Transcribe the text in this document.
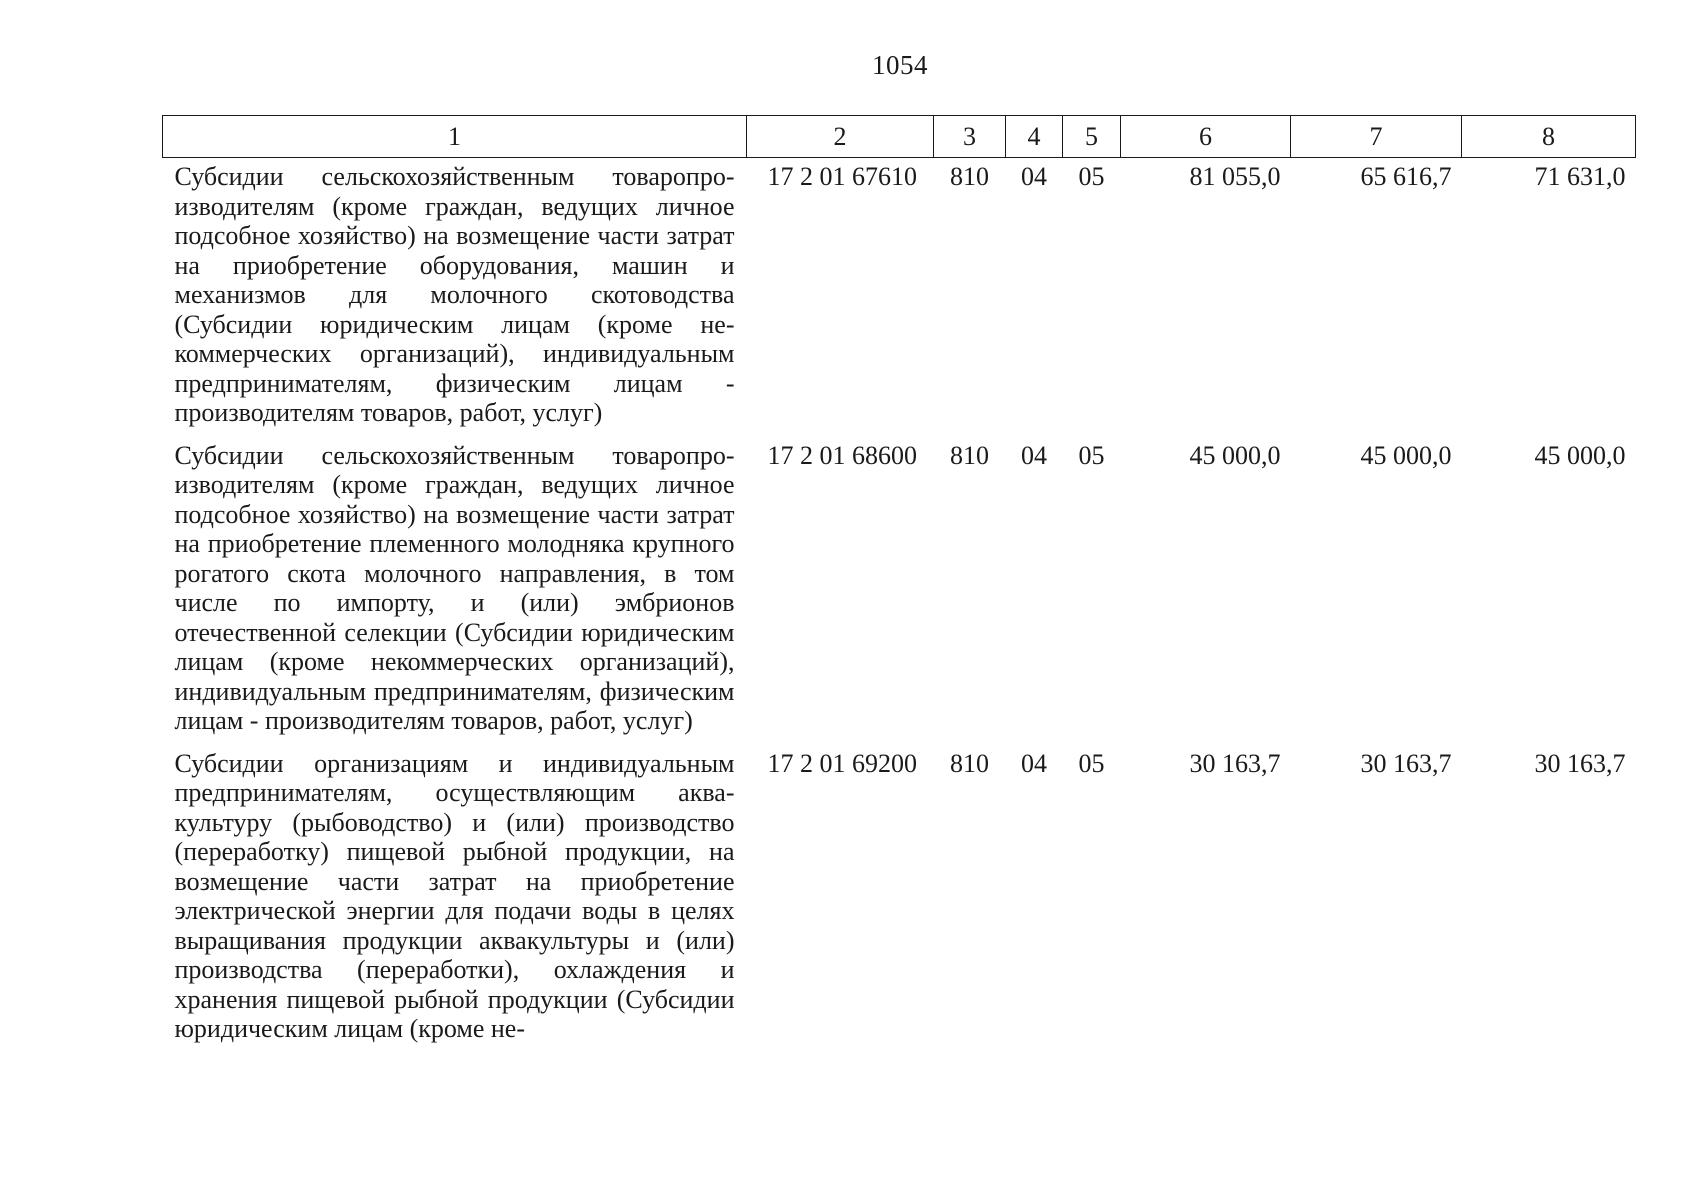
1054
1	2	3	4	5	6	7	8
Субсидии сельскохозяйственным товаропроизводителям (кроме граждан, ведущих личное подсобное хозяйство) на возмещение части затрат на приобретение оборудования, машин и механизмов для молочного скотоводства (Субсидии юридическим лицам (кроме некоммерческих организаций), индивидуальным предпринимателям, физическим лицам - производителям товаров, работ, услуг)	17 2 01 67610	810	04	05	81 055,0	65 616,7	71 631,0
Субсидии сельскохозяйственным товаропроизводителям (кроме граждан, ведущих личное подсобное хозяйство) на возмещение части затрат на приобретение племенного молодняка крупного рогатого скота молочного направления, в том числе по импорту, и (или) эмбрионов отечественной селекции (Субсидии юридическим лицам (кроме некоммерческих организаций), индивидуальным предпринимателям, физическим лицам - производителям товаров, работ, услуг)	17 2 01 68600	810	04	05	45 000,0	45 000,0	45 000,0
Субсидии организациям и индивидуальным предпринимателям, осуществляющим аквакультуру (рыбоводство) и (или) производство (переработку) пищевой рыбной продукции, на возмещение части затрат на приобретение электрической энергии для подачи воды в целях выращивания продукции аквакультуры и (или) производства (переработки), охлаждения и хранения пищевой рыбной продукции (Субсидии юридическим лицам (кроме не-	17 2 01 69200	810	04	05	30 163,7	30 163,7	30 163,7
